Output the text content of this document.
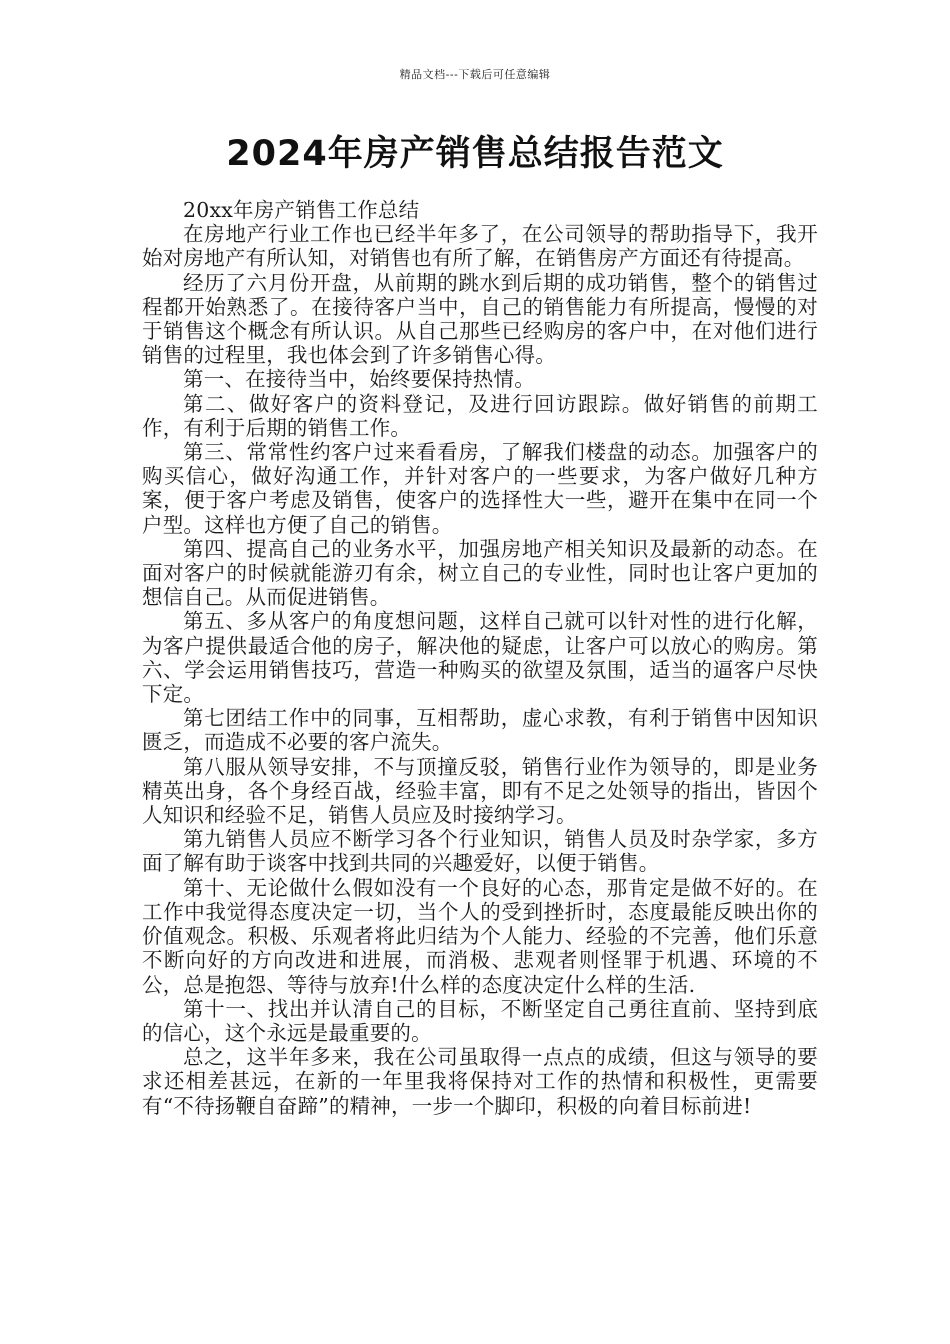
精品文档---下载后可任意编辑
2024年房产销售总结报告范文

20xx年房产销售工作总结

在房地产行业工作也已经半年多了，在公司领导的帮助指导下，我开始对房地产有所认知，对销售也有所了解，在销售房产方面还有待提高。

经历了六月份开盘，从前期的跳水到后期的成功销售，整个的销售过程都开始熟悉了。在接待客户当中，自己的销售能力有所提高，慢慢的对于销售这个概念有所认识。从自己那些已经购房的客户中，在对他们进行销售的过程里，我也体会到了许多销售心得。

第一、在接待当中，始终要保持热情。

第二、做好客户的资料登记，及进行回访跟踪。做好销售的前期工作，有利于后期的销售工作。

第三、常常性约客户过来看看房，了解我们楼盘的动态。加强客户的购买信心，做好沟通工作，并针对客户的一些要求，为客户做好几种方案，便于客户考虑及销售，使客户的选择性大一些，避开在集中在同一个户型。这样也方便了自己的销售。

第四、提高自己的业务水平，加强房地产相关知识及最新的动态。在面对客户的时候就能游刃有余，树立自己的专业性，同时也让客户更加的想信自己。从而促进销售。

第五、多从客户的角度想问题，这样自己就可以针对性的进行化解，为客户提供最适合他的房子，解决他的疑虑，让客户可以放心的购房。第六、学会运用销售技巧，营造一种购买的欲望及氛围，适当的逼客户尽快下定。

第七团结工作中的同事，互相帮助，虚心求教，有利于销售中因知识匮乏，而造成不必要的客户流失。

第八服从领导安排，不与顶撞反驳，销售行业作为领导的，即是业务精英出身，各个身经百战，经验丰富，即有不足之处领导的指出，皆因个人知识和经验不足，销售人员应及时接纳学习。

第九销售人员应不断学习各个行业知识，销售人员及时杂学家，多方面了解有助于谈客中找到共同的兴趣爱好，以便于销售。

第十、无论做什么假如没有一个良好的心态，那肯定是做不好的。在工作中我觉得态度决定一切，当个人的受到挫折时，态度最能反映出你的价值观念。积极、乐观者将此归结为个人能力、经验的不完善，他们乐意不断向好的方向改进和进展，而消极、悲观者则怪罪于机遇、环境的不公，总是抱怨、等待与放弃!什么样的态度决定什么样的生活.

第十一、找出并认清自己的目标，不断坚定自己勇往直前、坚持到底的信心，这个永远是最重要的。

总之，这半年多来，我在公司虽取得一点点的成绩，但这与领导的要求还相差甚远，在新的一年里我将保持对工作的热情和积极性，更需要有“不待扬鞭自奋蹄”的精神，一步一个脚印，积极的向着目标前进!
